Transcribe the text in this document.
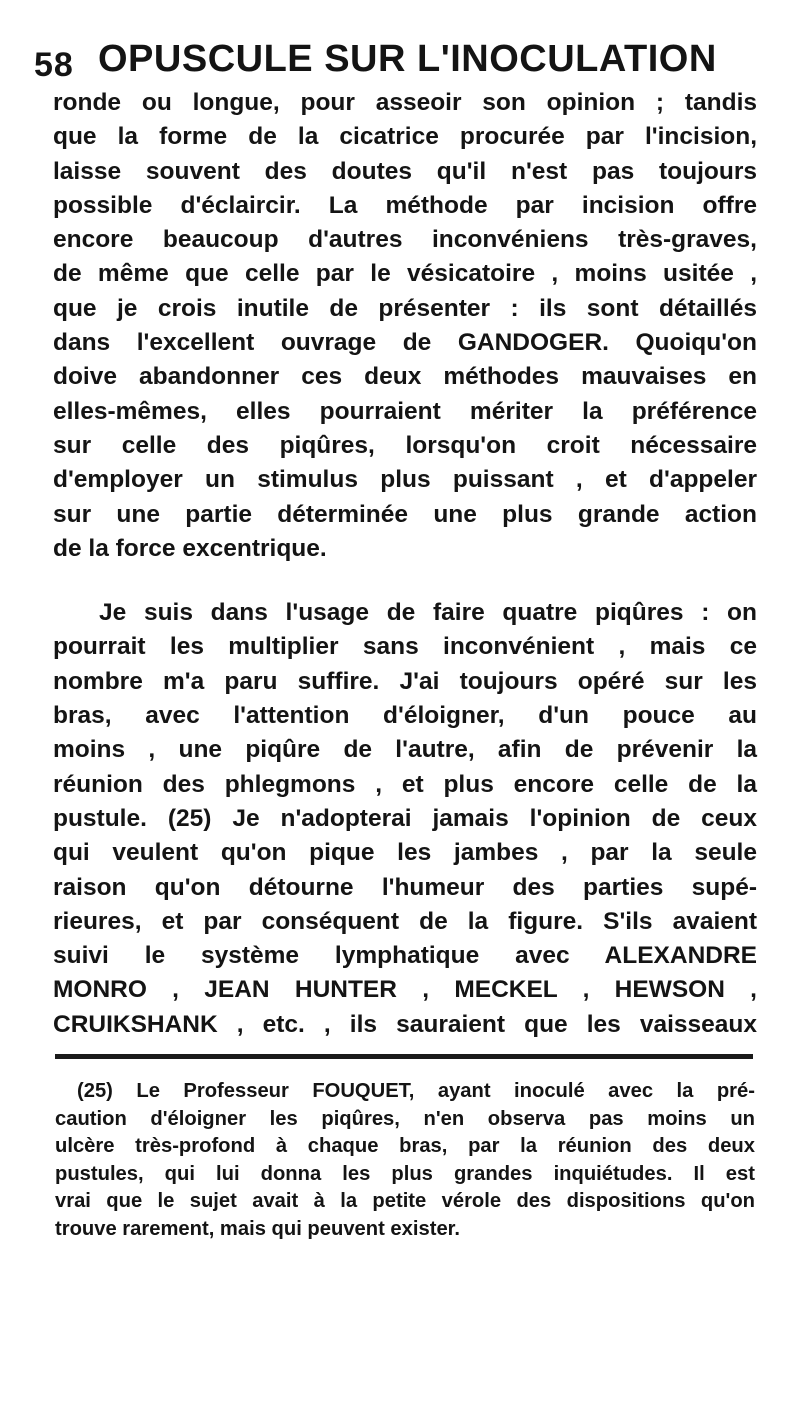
58 OPUSCULE SUR L'INOCULATION
ronde ou longue, pour asseoir son opinion ; tandis
que la forme de la cicatrice procurée par l'incision,
laisse souvent des doutes qu'il n'est pas toujours
possible d'éclaircir. La méthode par incision offre
encore beaucoup d'autres inconvéniens très-graves,
de même que celle par le vésicatoire , moins usitée ,
que je crois inutile de présenter : ils sont détaillés
dans l'excellent ouvrage de GANDOGER. Quoiqu'on
doive abandonner ces deux méthodes mauvaises en
elles-mêmes, elles pourraient mériter la préférence
sur celle des piqûres, lorsqu'on croit nécessaire
d'employer un stimulus plus puissant , et d'appeler
sur une partie déterminée une plus grande action
de la force excentrique.
Je suis dans l'usage de faire quatre piqûres : on
pourrait les multiplier sans inconvénient , mais ce
nombre m'a paru suffire. J'ai toujours opéré sur les
bras, avec l'attention d'éloigner, d'un pouce au
moins , une piqûre de l'autre, afin de prévenir la
réunion des phlegmons , et plus encore celle de la
pustule. (25) Je n'adopterai jamais l'opinion de ceux
qui veulent qu'on pique les jambes , par la seule
raison qu'on détourne l'humeur des parties supé-
rieures, et par conséquent de la figure. S'ils avaient
suivi le système lymphatique avec ALEXANDRE
MONRO , JEAN HUNTER , MECKEL , HEWSON ,
CRUIKSHANK , etc. , ils sauraient que les vaisseaux
(25) Le Professeur FOUQUET, ayant inoculé avec la pré-
caution d'éloigner les piqûres, n'en observa pas moins un
ulcère très-profond à chaque bras, par la réunion des deux
pustules, qui lui donna les plus grandes inquiétudes. Il est
vrai que le sujet avait à la petite vérole des dispositions qu'on
trouve rarement, mais qui peuvent exister.
